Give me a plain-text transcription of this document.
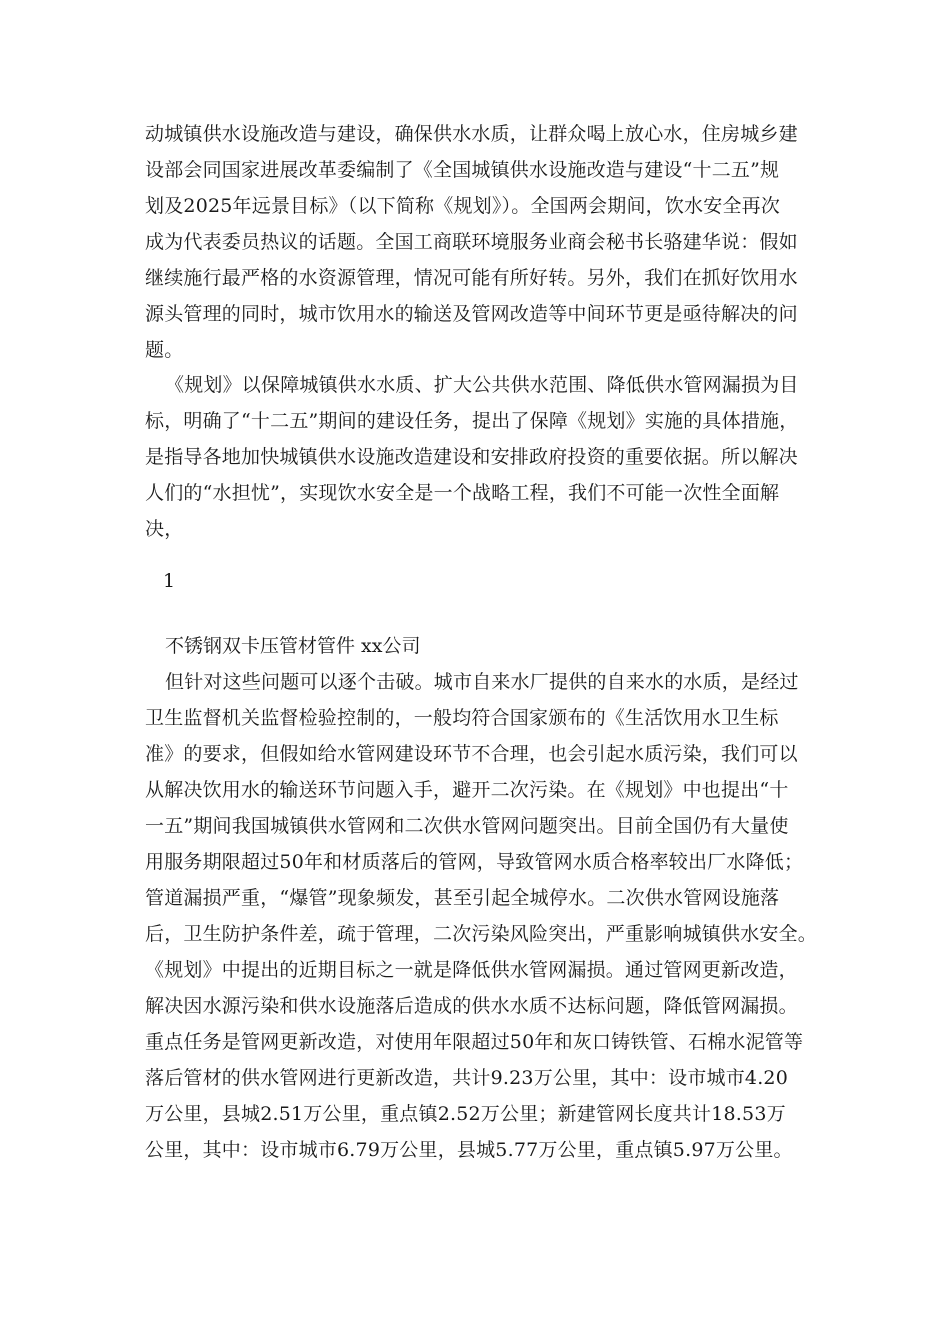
动城镇供水设施改造与建设，确保供水水质，让群众喝上放心水，住房城乡建
设部会同国家进展改革委编制了《全国城镇供水设施改造与建设“十二五”规
划及2025年远景目标》（以下简称《规划》）。全国两会期间，饮水安全再次
成为代表委员热议的话题。全国工商联环境服务业商会秘书长骆建华说：假如
继续施行最严格的水资源管理，情况可能有所好转。另外，我们在抓好饮用水
源头管理的同时，城市饮用水的输送及管网改造等中间环节更是亟待解决的问
题。
《规划》以保障城镇供水水质、扩大公共供水范围、降低供水管网漏损为目
标，明确了“十二五”期间的建设任务，提出了保障《规划》实施的具体措施，
是指导各地加快城镇供水设施改造建设和安排政府投资的重要依据。所以解决
人们的“水担忧”，实现饮水安全是一个战略工程，我们不可能一次性全面解
决，
1
不锈钢双卡压管材管件 xx公司
但针对这些问题可以逐个击破。城市自来水厂提供的自来水的水质，是经过
卫生监督机关监督检验控制的，一般均符合国家颁布的《生活饮用水卫生标
准》的要求，但假如给水管网建设环节不合理，也会引起水质污染，我们可以
从解决饮用水的输送环节问题入手，避开二次污染。在《规划》中也提出“十
一五”期间我国城镇供水管网和二次供水管网问题突出。目前全国仍有大量使
用服务期限超过50年和材质落后的管网，导致管网水质合格率较出厂水降低；
管道漏损严重，“爆管”现象频发，甚至引起全城停水。二次供水管网设施落
后，卫生防护条件差，疏于管理，二次污染风险突出，严重影响城镇供水安全。
《规划》中提出的近期目标之一就是降低供水管网漏损。通过管网更新改造，
解决因水源污染和供水设施落后造成的供水水质不达标问题，降低管网漏损。
重点任务是管网更新改造，对使用年限超过50年和灰口铸铁管、石棉水泥管等
落后管材的供水管网进行更新改造，共计9.23万公里，其中：设市城市4.20
万公里，县城2.51万公里，重点镇2.52万公里；新建管网长度共计18.53万
公里，其中：设市城市6.79万公里，县城5.77万公里，重点镇5.97万公里。
